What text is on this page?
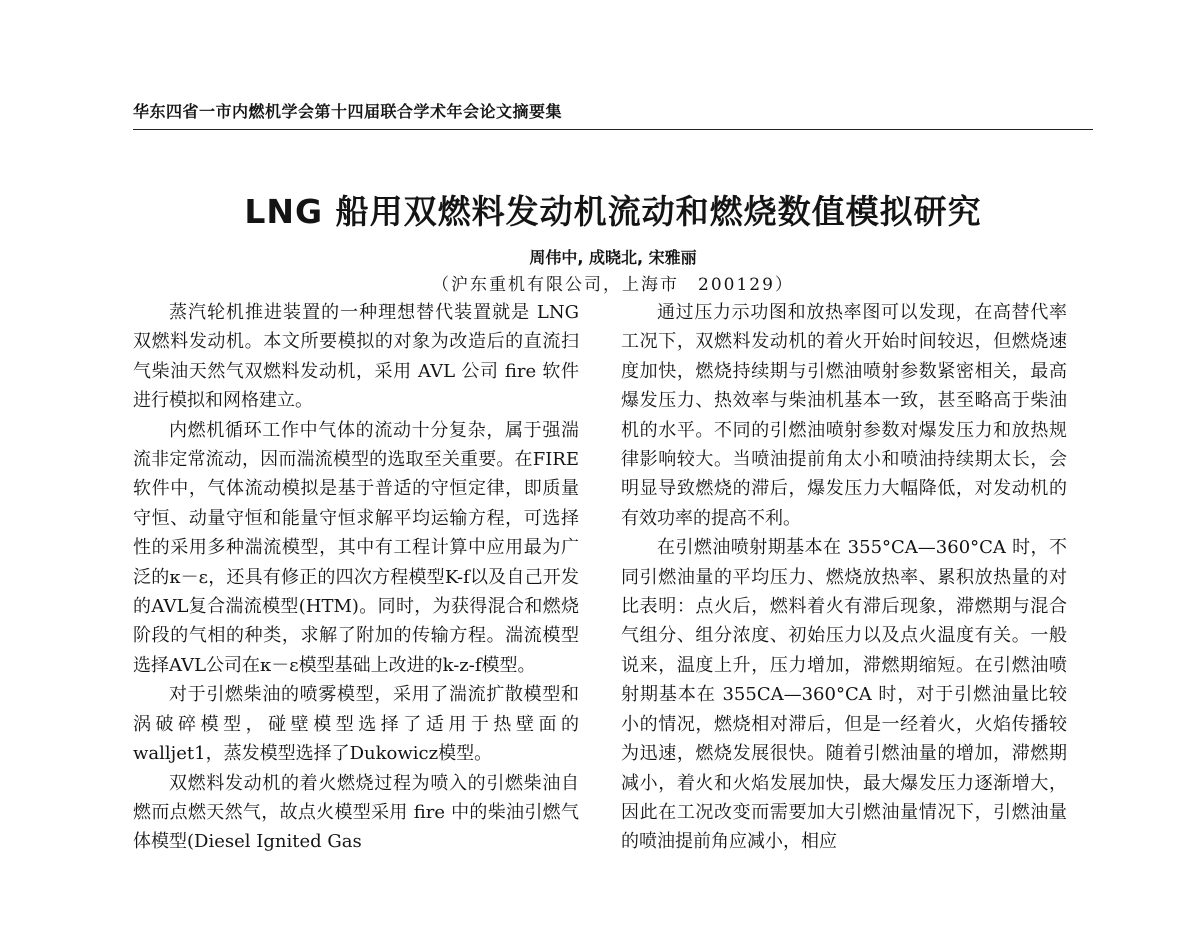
华东四省一市内燃机学会第十四届联合学术年会论文摘要集
LNG 船用双燃料发动机流动和燃烧数值模拟研究
周伟中, 成晓北, 宋雅丽
（沪东重机有限公司，上海市　200129）

蒸汽轮机推进装置的一种理想替代装置就是 LNG 双燃料发动机。本文所要模拟的对象为改造后的直流扫气柴油天然气双燃料发动机，采用 AVL 公司 fire 软件进行模拟和网格建立。

内燃机循环工作中气体的流动十分复杂，属于强湍流非定常流动，因而湍流模型的选取至关重要。在FIRE软件中，气体流动模拟是基于普适的守恒定律，即质量守恒、动量守恒和能量守恒求解平均运输方程，可选择性的采用多种湍流模型，其中有工程计算中应用最为广泛的κ－ε，还具有修正的四次方程模型K-f以及自己开发的AVL复合湍流模型(HTM)。同时，为获得混合和燃烧阶段的气相的种类，求解了附加的传输方程。湍流模型选择AVL公司在κ－ε模型基础上改进的k-z-f模型。

对于引燃柴油的喷雾模型，采用了湍流扩散模型和涡破碎模型，碰壁模型选择了适用于热壁面的walljet1，蒸发模型选择了Dukowicz模型。

双燃料发动机的着火燃烧过程为喷入的引燃柴油自燃而点燃天然气，故点火模型采用 fire 中的柴油引燃气体模型(Diesel Ignited Gas

通过压力示功图和放热率图可以发现，在高替代率工况下，双燃料发动机的着火开始时间较迟，但燃烧速度加快，燃烧持续期与引燃油喷射参数紧密相关，最高爆发压力、热效率与柴油机基本一致，甚至略高于柴油机的水平。不同的引燃油喷射参数对爆发压力和放热规律影响较大。当喷油提前角太小和喷油持续期太长，会明显导致燃烧的滞后，爆发压力大幅降低，对发动机的有效功率的提高不利。

在引燃油喷射期基本在 355°CA—360°CA 时，不同引燃油量的平均压力、燃烧放热率、累积放热量的对比表明：点火后，燃料着火有滞后现象，滞燃期与混合气组分、组分浓度、初始压力以及点火温度有关。一般说来，温度上升，压力增加，滞燃期缩短。在引燃油喷射期基本在 355CA—360°CA 时，对于引燃油量比较小的情况，燃烧相对滞后，但是一经着火，火焰传播较为迅速，燃烧发展很快。随着引燃油量的增加，滞燃期减小，着火和火焰发展加快，最大爆发压力逐渐增大，因此在工况改变而需要加大引燃油量情况下，引燃油量的喷油提前角应减小，相应
